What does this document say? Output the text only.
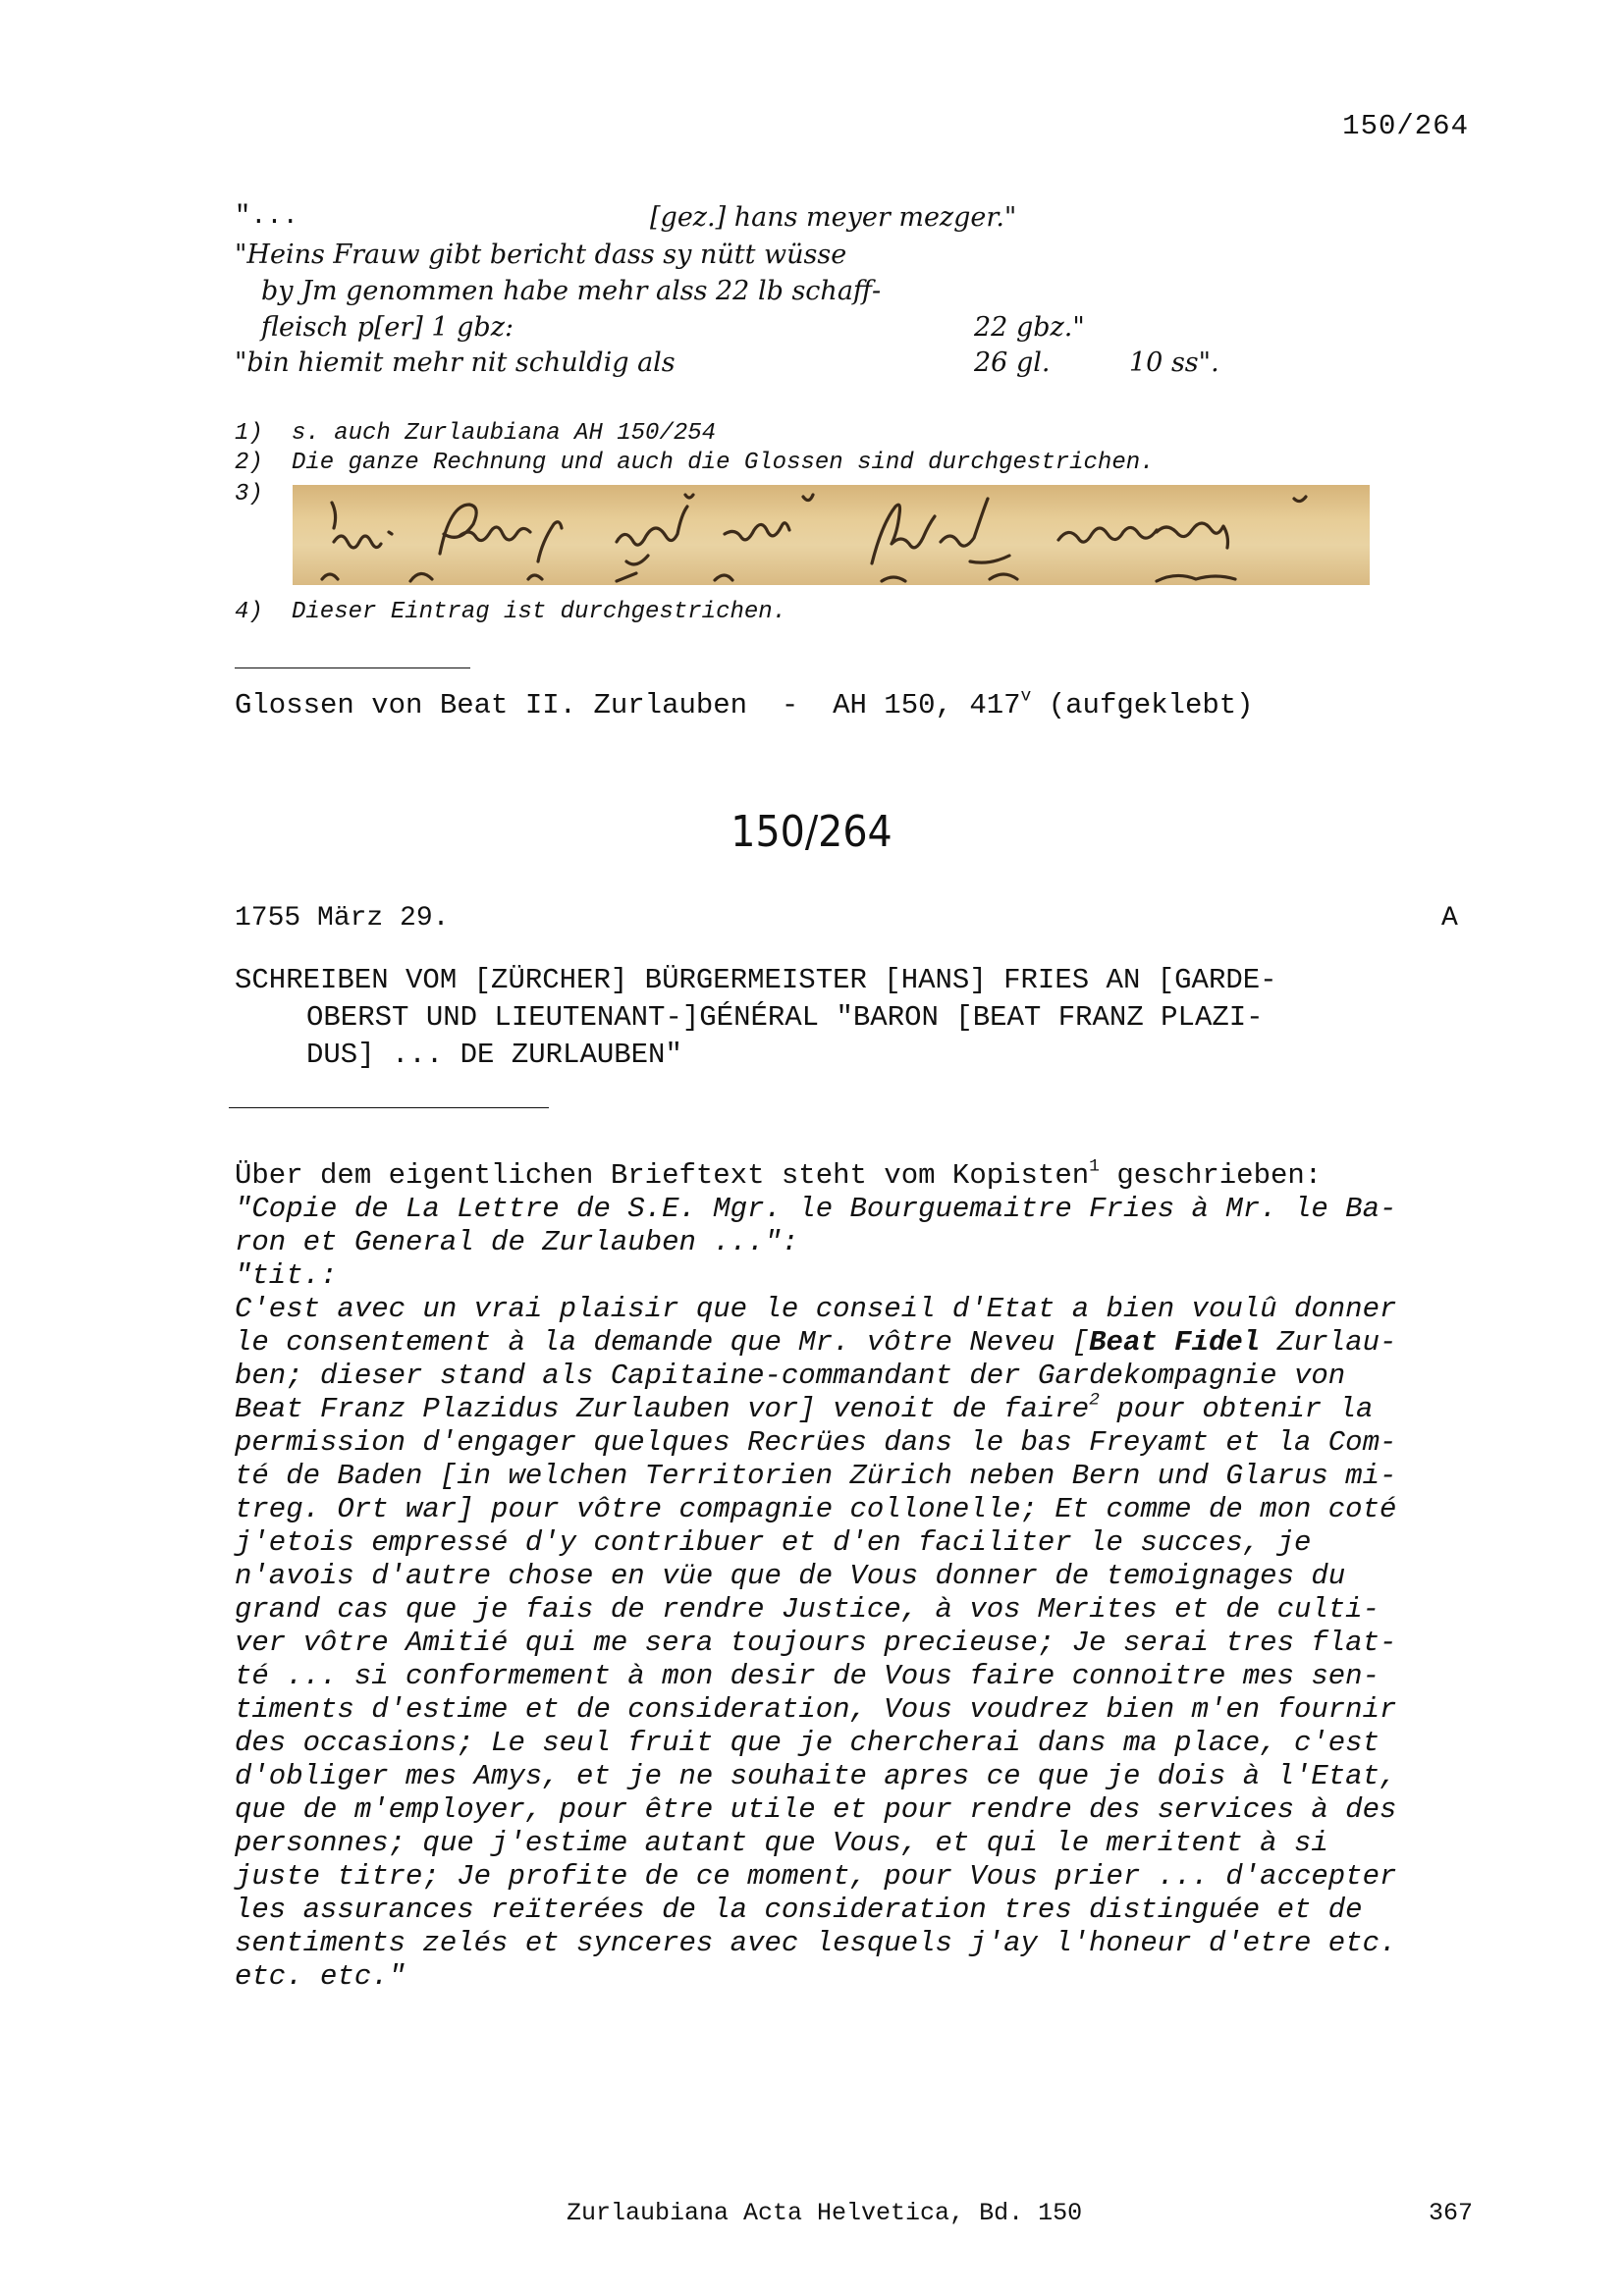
150/264
"...	[gez.] hans meyer mezger."
"Heins Frauw gibt bericht dass sy nütt wüsse
by Jm genommen habe mehr alss 22 lb schaff-
fleisch p[er] 1 gbz:	22 gbz."
"bin hiemit mehr nit schuldig als	26 gl.	10 ss".
1) s. auch Zurlaubiana AH 150/254
2) Die ganze Rechnung und auch die Glossen sind durchgestrichen.
3)
4) Dieser Eintrag ist durchgestrichen.
Glossen von Beat II. Zurlauben  -  AH 150, 417$^v$ (aufgeklebt)
150/264
1755 März 29.	A
SCHREIBEN VOM [ZÜRCHER] BÜRGERMEISTER [HANS] FRIES AN [GARDE-
OBERST UND LIEUTENANT-]GÉNÉRAL "BARON [BEAT FRANZ PLAZI-
DUS] ... DE ZURLAUBEN"
Über dem eigentlichen Brieftext steht vom Kopisten$^1$ geschrieben:
"Copie de La Lettre de S.E. Mgr. le Bourguemaitre Fries à Mr. le Ba-
ron et General de Zurlauben ...":
"tit.:
C'est avec un vrai plaisir que le conseil d'Etat a bien voulû donner
le consentement à la demande que Mr. vôtre Neveu [Beat Fidel Zurlau-
ben; dieser stand als Capitaine-commandant der Gardekompagnie von
Beat Franz Plazidus Zurlauben vor] venoit de faire$^2$ pour obtenir la
permission d'engager quelques Recrües dans le bas Freyamt et la Com-
té de Baden [in welchen Territorien Zürich neben Bern und Glarus mi-
treg. Ort war] pour vôtre compagnie collonelle; Et comme de mon coté
j'etois empressé d'y contribuer et d'en faciliter le succes, je
n'avois d'autre chose en vüe que de Vous donner de temoignages du
grand cas que je fais de rendre Justice, à vos Merites et de culti-
ver vôtre Amitié qui me sera toujours precieuse; Je serai tres flat-
té ... si conformement à mon desir de Vous faire connoitre mes sen-
timents d'estime et de consideration, Vous voudrez bien m'en fournir
des occasions; Le seul fruit que je chercherai dans ma place, c'est
d'obliger mes Amys, et je ne souhaite apres ce que je dois à l'Etat,
que de m'employer, pour être utile et pour rendre des services à des
personnes; que j'estime autant que Vous, et qui le meritent à si
juste titre; Je profite de ce moment, pour Vous prier ... d'accepter
les assurances reïterées de la consideration tres distinguée et de
sentiments zelés et synceres avec lesquels j'ay l'honeur d'etre etc.
etc. etc."
Zurlaubiana Acta Helvetica, Bd. 150	367
